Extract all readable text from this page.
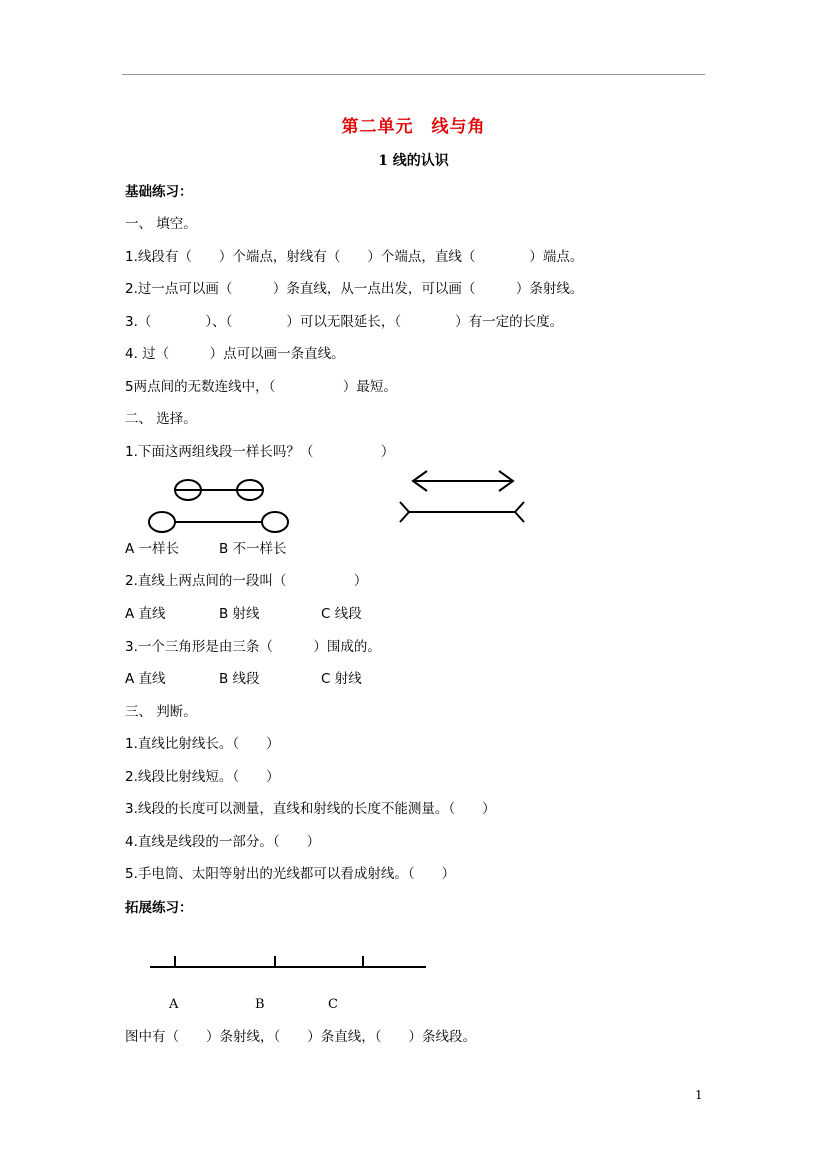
第二单元　线与角
1 线的认识
基础练习：
一、 填空。
1.线段有（　　）个端点，射线有（　　）个端点，直线（　　　　）端点。
2.过一点可以画（　　　）条直线，从一点出发，可以画（　　　）条射线。
3.（　　　　）、（　　　　）可以无限延长，（　　　　）有一定的长度。
4. 过（　　　）点可以画一条直线。
5两点间的无数连线中，（　　　　　）最短。
二、 选择。
1.下面这两组线段一样长吗？（　　　　　）
A 一样长	B 不一样长
2.直线上两点间的一段叫（　　　　　）
A 直线	B 射线	C 线段
3.一个三角形是由三条（　　　）围成的。
A 直线	B 线段	C 射线
三、 判断。
1.直线比射线长。（　　）
2.线段比射线短。（　　）
3.线段的长度可以测量，直线和射线的长度不能测量。（　　）
4.直线是线段的一部分。（　　）
5.手电筒、太阳等射出的光线都可以看成射线。（　　）
拓展练习：
A	B	C
图中有（　　）条射线，（　　）条直线，（　　）条线段。
1
